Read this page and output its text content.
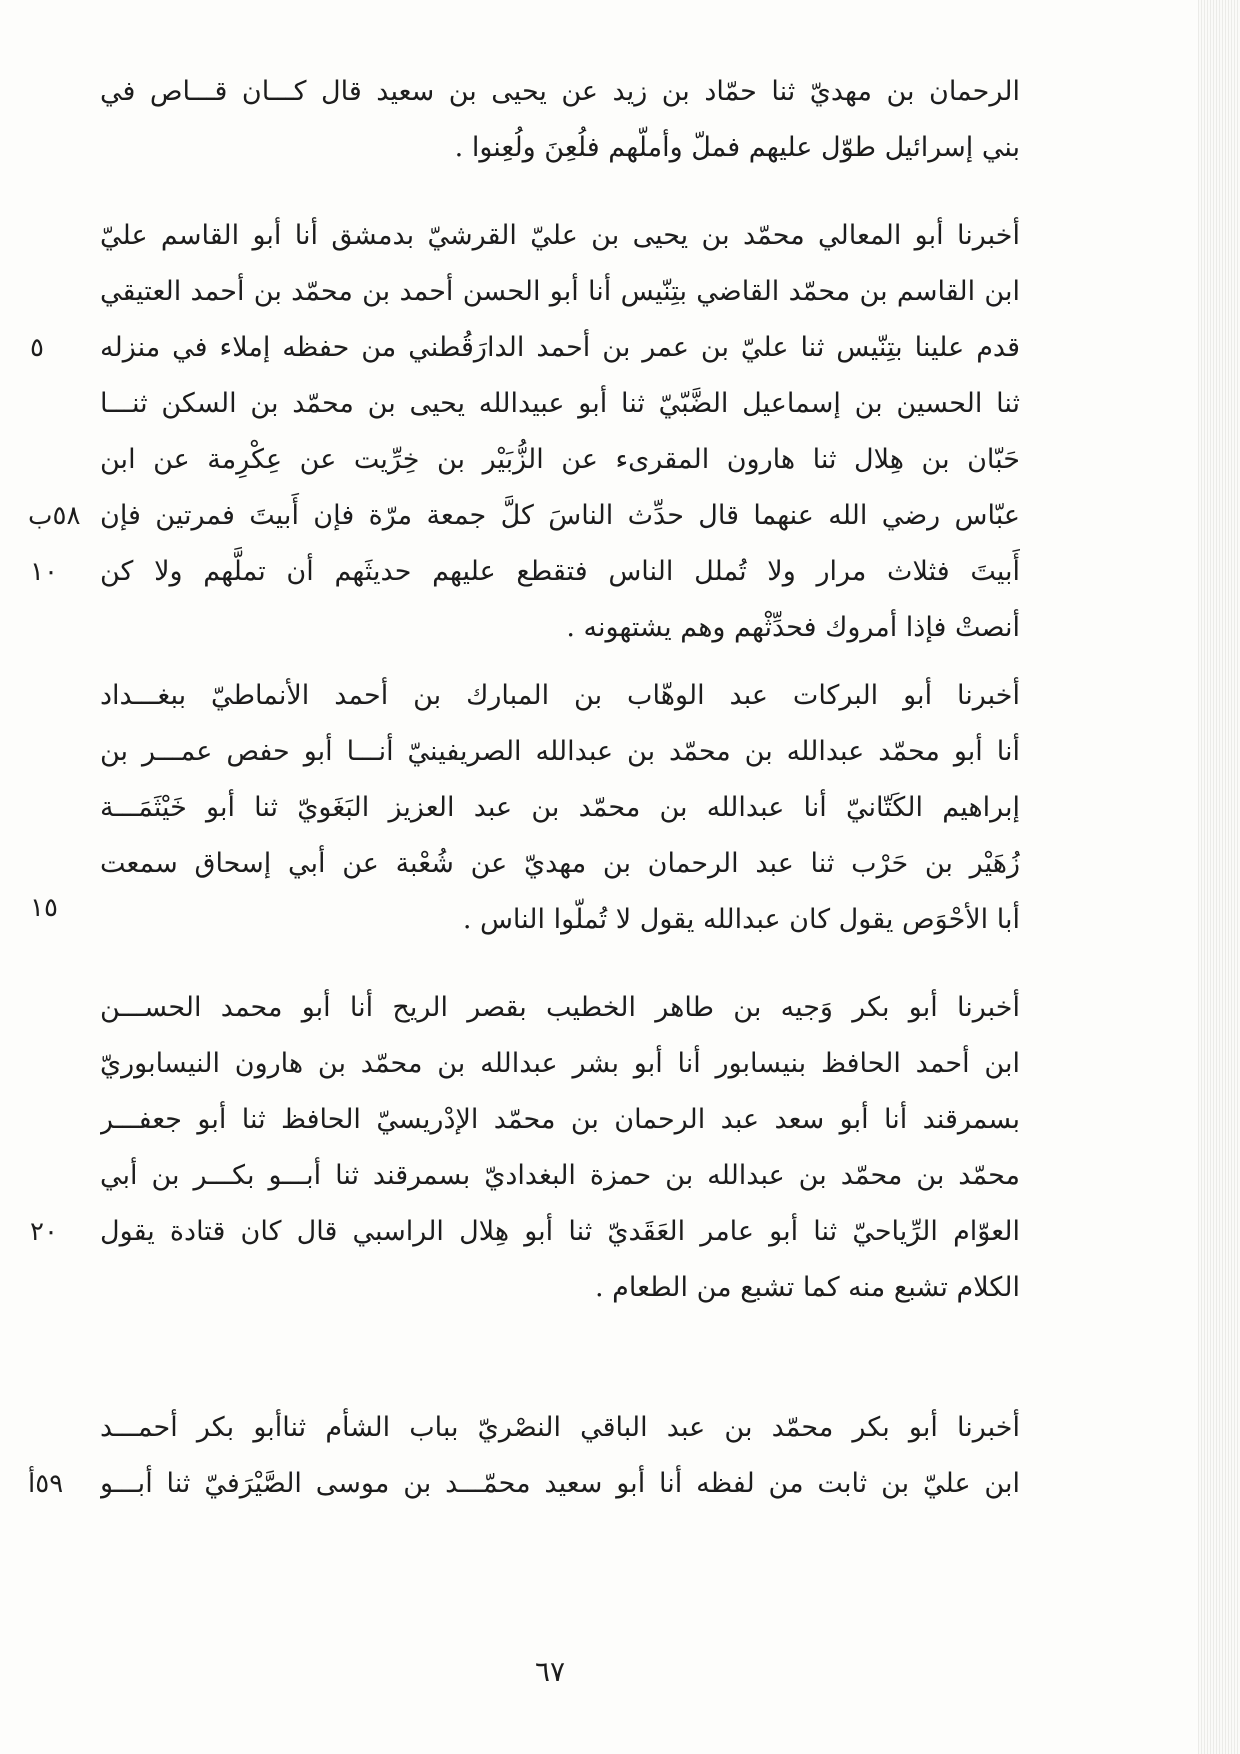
الرحمان بن مهديّ ثنا حمّاد بن زيد عن يحيى بن سعيد قال كـــان قـــاص في
بني إسرائيل طوّل عليهم فملّ وأملّهم فلُعِنَ ولُعِنوا .
أخبرنا أبو المعالي محمّد بن يحيى بن عليّ القرشيّ بدمشق أنا أبو القاسم عليّ
ابن القاسم بن محمّد القاضي بتِنّيس أنا أبو الحسن أحمد بن محمّد بن أحمد العتيقي
قدم علينا بتِنّيس ثنا عليّ بن عمر بن أحمد الدارَقُطني من حفظه إملاء في منزله
ثنا الحسين بن إسماعيل الضَّبّيّ ثنا أبو عبيدالله يحيى بن محمّد بن السكن ثنـــا
حَبّان بن هِلال ثنا هارون المقرىء عن الزُّبَيْر بن خِرِّيت عن عِكْرِمة عن ابن
عبّاس رضي الله عنهما قال حدِّث الناسَ كلَّ جمعة مرّة فإن أَبيتَ فمرتين فإن
أَبيتَ فثلاث مرار ولا تُملل الناس فتقطع عليهم حديثَهم أن تملَّهم ولا كن
أنصتْ فإذا أمروك فحدِّثْهم وهم يشتهونه .
أخبرنا أبو البركات عبد الوهّاب بن المبارك بن أحمد الأنماطيّ ببغـــداد
أنا أبو محمّد عبدالله بن محمّد بن عبدالله الصريفينيّ أنـــا أبو حفص عمـــر بن
إبراهيم الكَتّانيّ أنا عبدالله بن محمّد بن عبد العزيز البَغَويّ ثنا أبو خَيْثَمَـــة
زُهَيْر بن حَرْب ثنا عبد الرحمان بن مهديّ عن شُعْبة عن أبي إسحاق سمعت
أبا الأحْوَص يقول كان عبدالله يقول لا تُملّوا الناس .
أخبرنا أبو بكر وَجيه بن طاهر الخطيب بقصر الريح أنا أبو محمد الحســـن
ابن أحمد الحافظ بنيسابور أنا أبو بشر عبدالله بن محمّد بن هارون النيسابوريّ
بسمرقند أنا أبو سعد عبد الرحمان بن محمّد الإدْريسيّ الحافظ ثنا أبو جعفـــر
محمّد بن محمّد بن عبدالله بن حمزة البغداديّ بسمرقند ثنا أبـــو بكـــر بن أبي
العوّام الرِّياحيّ ثنا أبو عامر العَقَديّ ثنا أبو هِلال الراسبي قال كان قتادة يقول
الكلام تشبع منه كما تشبع من الطعام .
أخبرنا أبو بكر محمّد بن عبد الباقي النصْريّ بباب الشأم ثناأبو بكر أحمـــد
ابن عليّ بن ثابت من لفظه أنا أبو سعيد محمّـــد بن موسى الصَّيْرَفيّ ثنا أبـــو
٥
٥٨ب
١٠
١٥
٢٠
٥٩أ
٦٧
